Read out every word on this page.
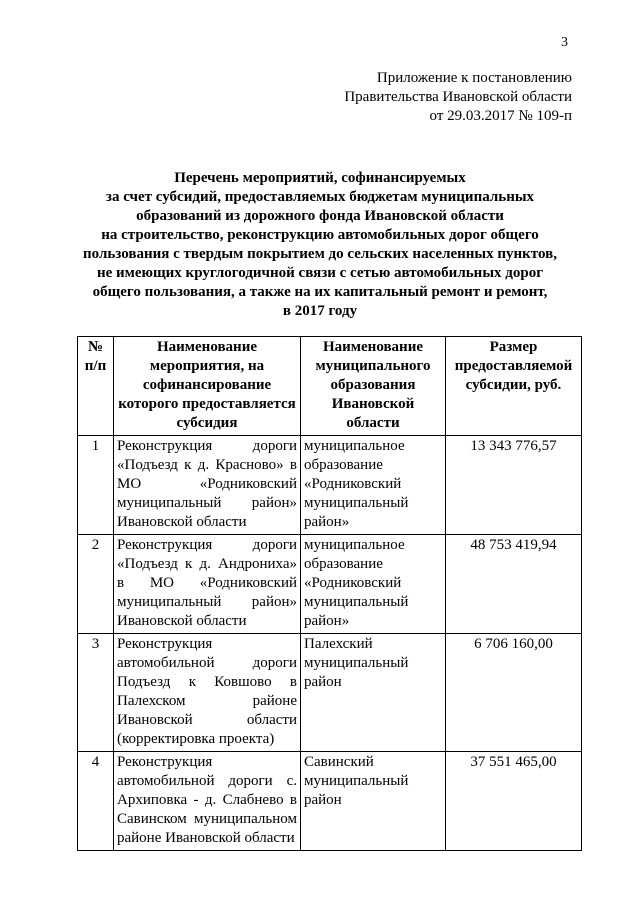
3
Приложение к постановлению
Правительства Ивановской области
от 29.03.2017 № 109-п
Перечень мероприятий, софинансируемых
за счет субсидий, предоставляемых бюджетам муниципальных
образований из дорожного фонда Ивановской области
на строительство, реконструкцию автомобильных дорог общего
пользования с твердым покрытием до сельских населенных пунктов,
не имеющих круглогодичной связи с сетью автомобильных дорог
общего пользования, а также на их капитальный ремонт и ремонт,
в 2017 году
№ п/п	Наименование мероприятия, на софинансирование которого предоставляется субсидия	Наименование муниципального образования Ивановской области	Размер предоставляемой субсидии, руб.
1	Реконструкция дороги «Подъезд к д. Красново» в МО «Родниковский муниципальный район» Ивановской области	муниципальное образование «Родниковский муниципальный район»	13 343 776,57
2	Реконструкция дороги «Подъезд к д. Андрониха» в МО «Родниковский муниципальный район» Ивановской области	муниципальное образование «Родниковский муниципальный район»	48 753 419,94
3	Реконструкция автомобильной дороги Подъезд к Ковшово в Палехском районе Ивановской области (корректировка проекта)	Палехский муниципальный район	6 706 160,00
4	Реконструкция автомобильной дороги с. Архиповка - д. Слабнево в Савинском муниципальном районе Ивановской области	Савинский муниципальный район	37 551 465,00
